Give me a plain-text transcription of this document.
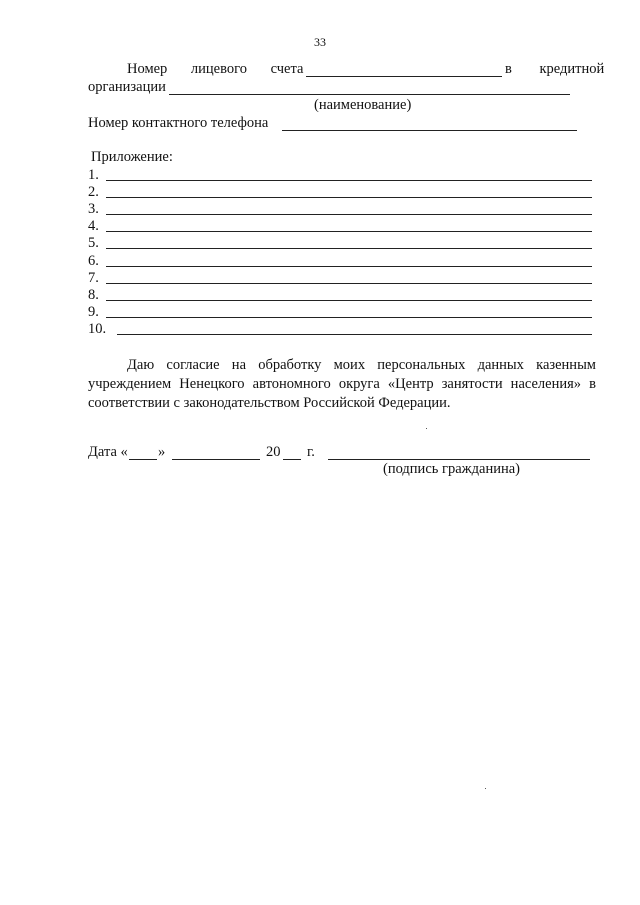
33
Номер лицевого счета	в кредитной
организации
(наименование)
Номер контактного телефона
Приложение:
1.
2.
3.
4.
5.
6.
7.
8.
9.
10.
Даю согласие на обработку моих персональных данных казенным учреждением Ненецкого автономного округа «Центр занятости населения» в соответствии с законодательством Российской Федерации.
Дата « »	20 г.
(подпись гражданина)
